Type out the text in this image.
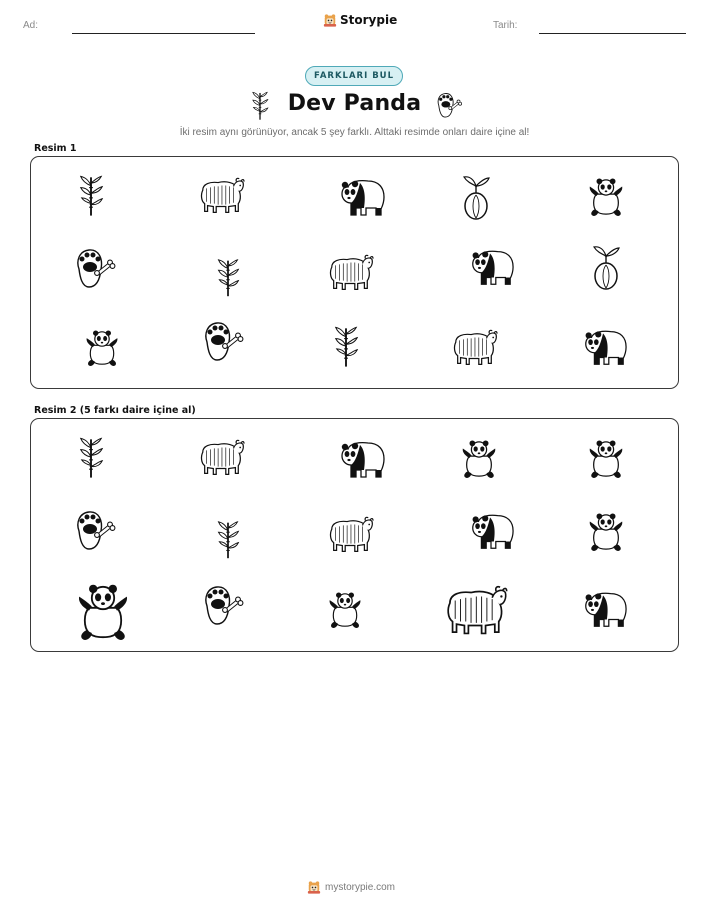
Ad:	Storypie	Tarih:
FARKLARI BUL
Dev Panda
İki resim aynı görünüyor, ancak 5 şey farklı. Alttaki resimde onları daire içine al!
Resim 1
Resim 2 (5 farkı daire içine al)
mystorypie.com
